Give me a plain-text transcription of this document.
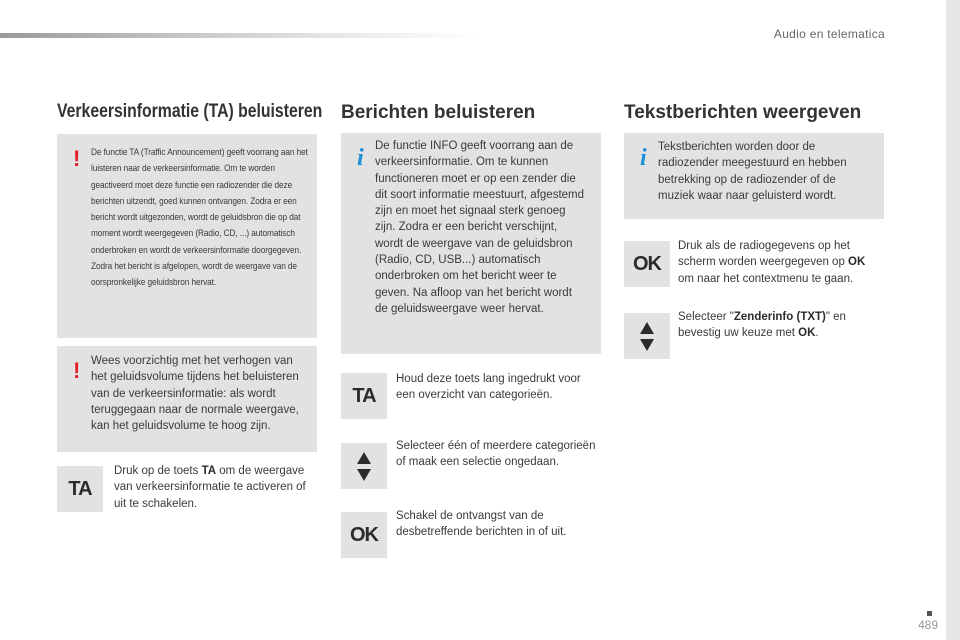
Audio en telematica
Verkeersinformatie (TA) beluisteren
! De functie TA (Traffic Announcement) geeft voorrang aan het luisteren naar de verkeersinformatie. Om te worden geactiveerd moet deze functie een radiozender die deze berichten uitzendt, goed kunnen ontvangen. Zodra er een bericht wordt uitgezonden, wordt de geluidsbron die op dat moment wordt weergegeven (Radio, CD, ...) automatisch onderbroken en wordt de verkeersinformatie doorgegeven. Zodra het bericht is afgelopen, wordt de weergave van de oorspronkelijke geluidsbron hervat.

! Wees voorzichtig met het verhogen van het geluidsvolume tijdens het beluisteren van de verkeersinformatie: als wordt teruggegaan naar de normale weergave, kan het geluidsvolume te hoog zijn.

TA
Druk op de toets TA om de weergave van verkeersinformatie te activeren of uit te schakelen.
Berichten beluisteren
i De functie INFO geeft voorrang aan de verkeersinformatie. Om te kunnen functioneren moet er op een zender die dit soort informatie meestuurt, afgestemd zijn en moet het signaal sterk genoeg zijn. Zodra er een bericht verschijnt, wordt de weergave van de geluidsbron (Radio, CD, USB...) automatisch onderbroken om het bericht weer te geven. Na afloop van het bericht wordt de geluidsweergave weer hervat.

TA
Houd deze toets lang ingedrukt voor een overzicht van categorieën.
Selecteer één of meerdere categorieën of maak een selectie ongedaan.
OK
Schakel de ontvangst van de desbetreffende berichten in of uit.
Tekstberichten weergeven
i Tekstberichten worden door de radiozender meegestuurd en hebben betrekking op de radiozender of de muziek waar naar geluisterd wordt.

OK
Druk als de radiogegevens op het scherm worden weergegeven op OK om naar het contextmenu te gaan.
Selecteer "Zenderinfo (TXT)" en bevestig uw keuze met OK.
489
